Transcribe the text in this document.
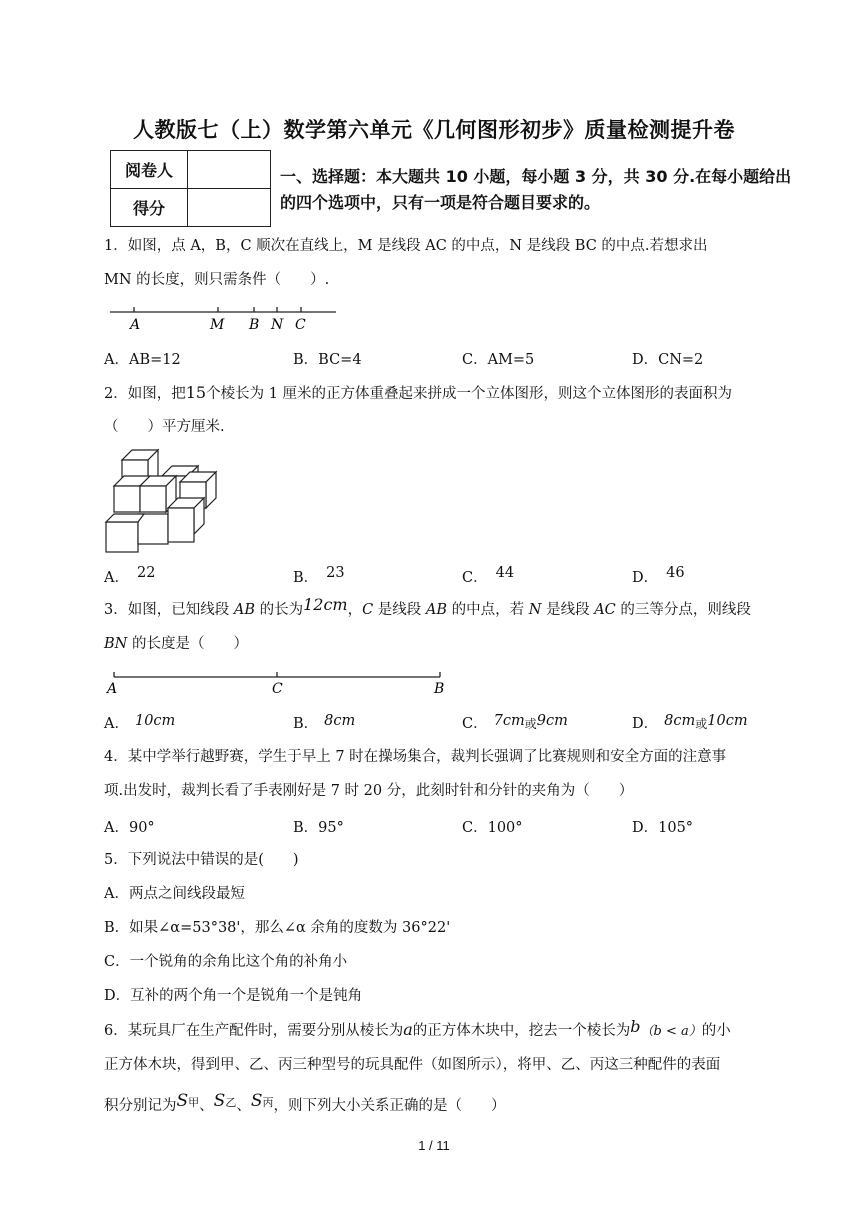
人教版七（上）数学第六单元《几何图形初步》质量检测提升卷
阅卷人	
得分	
一、选择题：本大题共 10 小题，每小题 3 分，共 30 分.在每小题给出的四个选项中，只有一项是符合题目要求的。
1．如图，点 A，B，C 顺次在直线上，M 是线段 AC 的中点，N 是线段 BC 的中点.若想求出
MN 的长度，则只需条件（　　）.
A	M B N C
A．AB=12	B．BC=4	C．AM=5	D．CN=2
2．如图，把15个棱长为 1 厘米的正方体重叠起来拼成一个立体图形，则这个立体图形的表面积为
（　　）平方厘米.
A． 22	B． 23	C． 44	D． 46
3．如图，已知线段 AB 的长为12cm，C 是线段 AB 的中点，若 N 是线段 AC 的三等分点，则线段
BN 的长度是（　　）
A	C	B
A． 10cm	B． 8cm	C． 7cm或9cm	D． 8cm或10cm
4．某中学举行越野赛，学生于早上 7 时在操场集合，裁判长强调了比赛规则和安全方面的注意事
项.出发时，裁判长看了手表刚好是 7 时 20 分，此刻时针和分针的夹角为（　　）
A．90°	B．95°	C．100°	D．105°
5．下列说法中错误的是(　　)
A．两点之间线段最短
B．如果∠α=53°38'，那么∠α 余角的度数为 36°22'
C．一个锐角的余角比这个角的补角小
D．互补的两个角一个是锐角一个是钝角
6．某玩具厂在生产配件时，需要分别从棱长为a的正方体木块中，挖去一个棱长为b（b < a）的小
正方体木块，得到甲、乙、丙三种型号的玩具配件（如图所示），将甲、乙、丙这三种配件的表面
积分别记为$S^甲$、$S^乙$、$S^丙$，则下列大小关系正确的是（　　）
1 / 11
